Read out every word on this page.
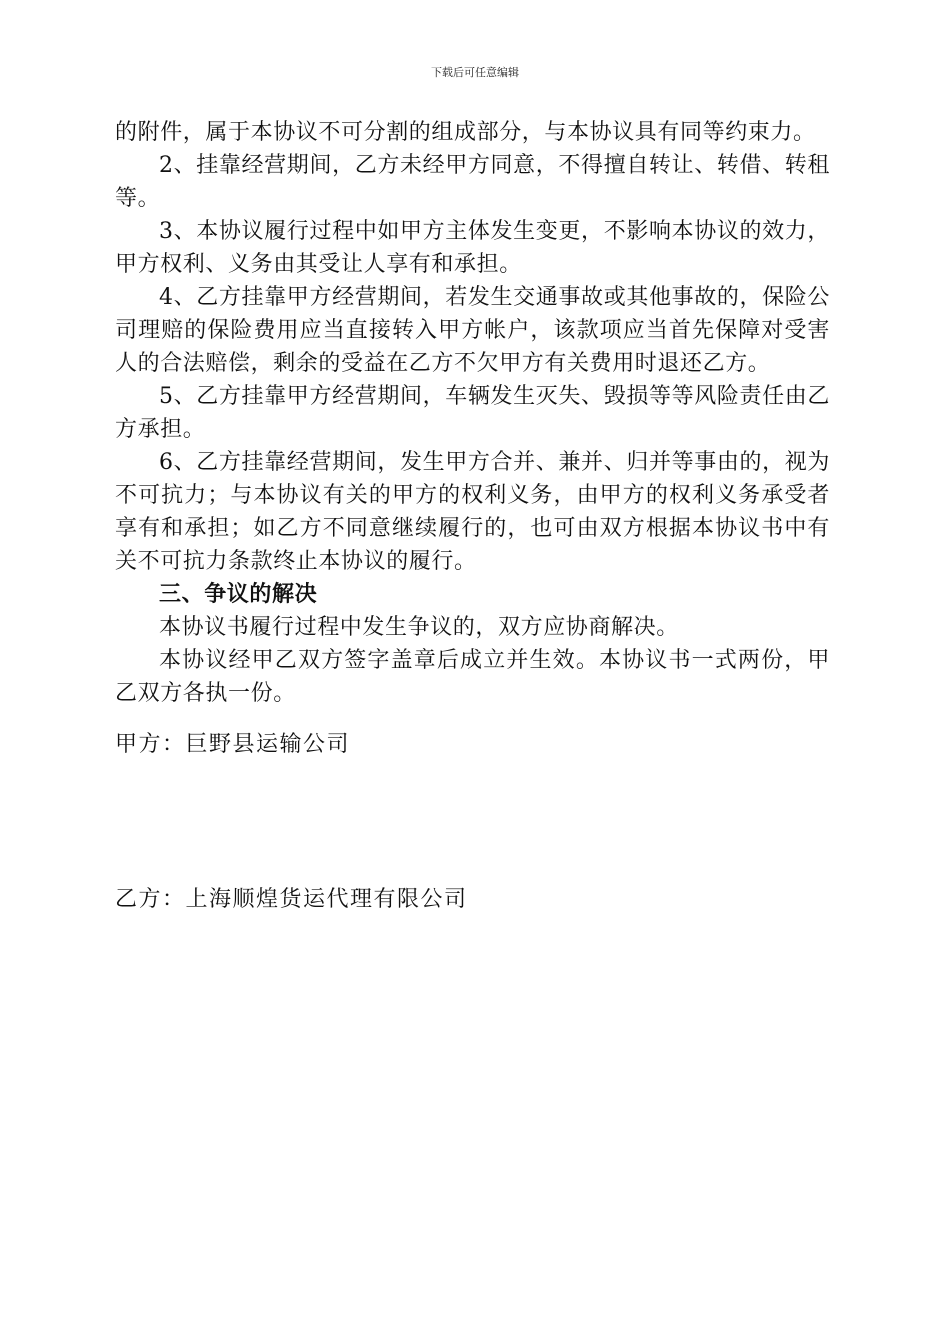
下载后可任意编辑

的附件，属于本协议不可分割的组成部分，与本协议具有同等约束力。

2、挂靠经营期间，乙方未经甲方同意，不得擅自转让、转借、转租等。

3、本协议履行过程中如甲方主体发生变更，不影响本协议的效力，甲方权利、义务由其受让人享有和承担。

4、乙方挂靠甲方经营期间，若发生交通事故或其他事故的，保险公司理赔的保险费用应当直接转入甲方帐户，该款项应当首先保障对受害人的合法赔偿，剩余的受益在乙方不欠甲方有关费用时退还乙方。

5、乙方挂靠甲方经营期间，车辆发生灭失、毁损等等风险责任由乙方承担。

6、乙方挂靠经营期间，发生甲方合并、兼并、归并等事由的，视为不可抗力；与本协议有关的甲方的权利义务，由甲方的权利义务承受者享有和承担；如乙方不同意继续履行的，也可由双方根据本协议书中有关不可抗力条款终止本协议的履行。

三、争议的解决

本协议书履行过程中发生争议的，双方应协商解决。

本协议经甲乙双方签字盖章后成立并生效。本协议书一式两份，甲乙双方各执一份。

甲方：巨野县运输公司
乙方：上海顺煌货运代理有限公司
